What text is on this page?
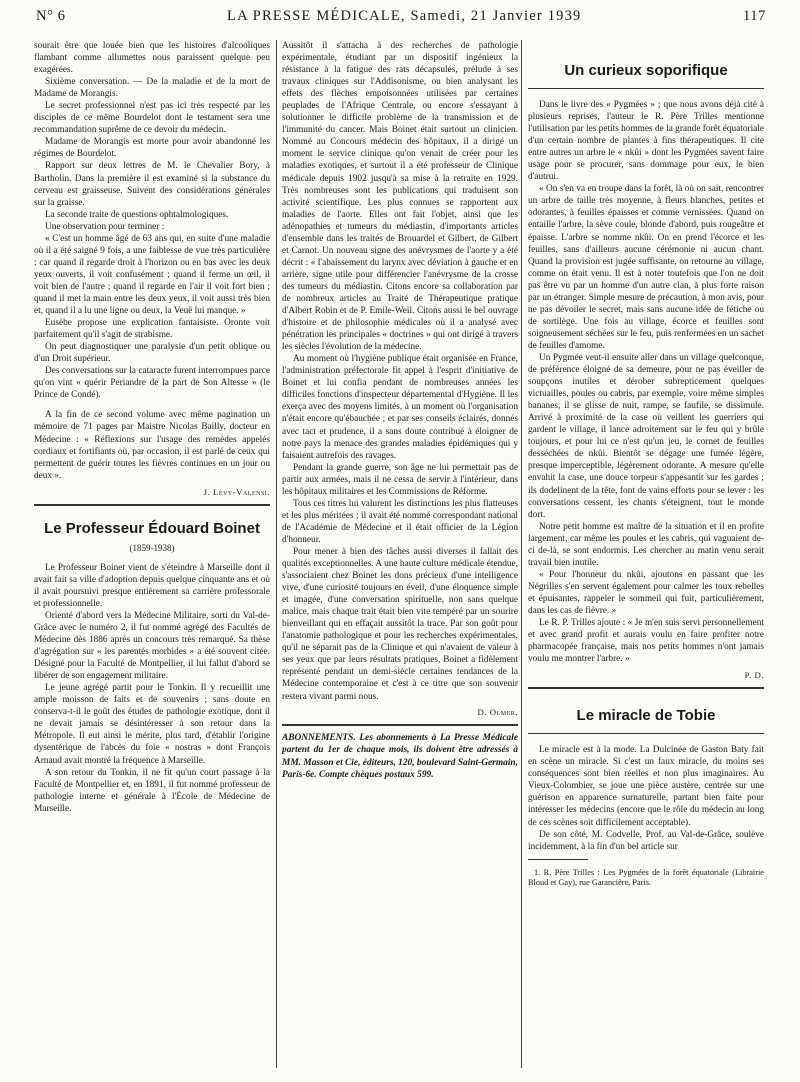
N° 6	LA PRESSE MÉDICALE, Samedi, 21 Janvier 1939	117

sourait être que louée bien que les histoires d'alcooliques flambant comme allumettes nous paraissent quelque peu exagérées.

Sixième conversation. — De la maladie et de la mort de Madame de Morangis.

Le secret professionnel n'est pas ici très respecté par les disciples de ce même Bourdelot dont le testament sera une recommandation suprême de ce devoir du médecin.

Madame de Morangis est morte pour avoir abandonné les régimes de Bourdelot.

Rapport sur deux lettres de M. le Chevalier Bory, à Bartholin. Dans la première il est examiné si la substance du cerveau est graisseuse. Suivent des considérations générales sur la graisse.

La seconde traite de questions ophtalmologiques.

Une observation pour terminer :

« C'est un homme âgé de 63 ans qui, en suite d'une maladie où il a été saigné 9 fois, a une faiblesse de vue très particulière : car quand il regarde droit à l'horizon ou en bas avec les deux yeux ouverts, il voit confusément ; quand il ferme un œil, il voit bien de l'autre ; quand il regarde en l'air il voit fort bien ; quand il met la main entre les deux yeux, il voit aussi très bien et, quand il a lu une ligne ou deux, la Veuë lui manque. »

Eusèbe propose une explication fantaisiste. Oronte voit parfaitement qu'il s'agit de strabisme.

On peut diagnostiquer une paralysie d'un petit oblique ou d'un Droit supérieur.

Des conversations sur la cataracte furent interrompues parce qu'on vint « quérir Periandre de la part de Son Altesse » (le Prince de Condé).

A la fin de ce second volume avec même pagination un mémoire de 71 pages par Maistre Nicolas Bailly, docteur en Médecine : « Réflexions sur l'usage des remèdes appelés cordiaux et fortifiants où, par occasion, il est parlé de ceux qui permettent de guérir toutes les fièvres continues en un jour ou deux ».

J. Lévy-Valensi.
Le Professeur Édouard Boinet
(1859-1938)

Le Professeur Boinet vient de s'éteindre à Marseille dont il avait fait sa ville d'adoption depuis quelque cinquante ans et où il avait poursuivi presque entièrement sa carrière professorale et professionnelle.

Orienté d'abord vers la Médecine Militaire, sorti du Val-de-Grâce avec le numéro 2, il fut nommé agrégé des Facultés de Médecine dès 1886 après un concours très remarqué. Sa thèse d'agrégation sur « les parentés morbides » a été souvent citée. Désigné pour la Faculté de Montpellier, il lui fallut d'abord se libérer de son engagement militaire.

Le jeune agrégé partit pour le Tonkin. Il y recueillit une ample moisson de faits et de souvenirs ; sans doute en conserva-t-il le goût des études de pathologie exotique, dont il ne devait jamais se désintéresser à son retour dans la Métropole. Il eut ainsi le mérite, plus tard, d'établir l'origine dysentérique de l'abcès du foie « nostras » dont François Arnaud avait montré la fréquence à Marseille.

A son retour du Tonkin, il ne fit qu'un court passage à la Faculté de Montpellier et, en 1891, il fut nommé professeur de pathologie interne et générale à l'École de Médecine de Marseille.

Aussitôt il s'attacha à des recherches de pathologie expérimentale, étudiant par un dispositif ingénieux la résistance à la fatigue des rats décapsulés, prélude à ses travaux cliniques sur l'Addisonisme, ou bien analysant les effets des flèches empoisonnées utilisées par certaines peuplades de l'Afrique Centrale, ou encore s'essayant à solutionner le difficile problème de la transmission et de l'immunité du cancer. Mais Boinet était surtout un clinicien. Nommé au Concours médecin des hôpitaux, il a dirigé un moment le service clinique qu'on venait de créer pour les maladies exotiques, et surtout il a été professeur de Clinique médicale depuis 1902 jusqu'à sa mise à la retraite en 1929. Très nombreuses sont les publications qui traduisent son activité scientifique. Les plus connues se rapportent aux maladies de l'aorte. Elles ont fait l'objet, ainsi que les adénopathies et tumeurs du médiastin, d'importants articles d'ensemble dans les traités de Brouardel et Gilbert, de Gilbert et Carnot. Un nouveau signe des anévrysmes de l'aorte y a été décrit : « l'abaissement du larynx avec déviation à gauche et en arrière, signe utile pour différencier l'anévrysme de la crosse des tumeurs du médiastin. Citons encore sa collaboration par de nombreux articles au Traité de Thérapeutique pratique d'Albert Robin et de P. Emile-Weil. Citons aussi le bel ouvrage d'histoire et de philosophie médicales où il a analysé avec pénétration les principales « doctrines » qui ont dirigé à travers les siècles l'évolution de la médecine.

Au moment où l'hygiène publique était organisée en France, l'administration préfectorale fit appel à l'esprit d'initiative de Boinet et lui confia pendant de nombreuses années les difficiles fonctions d'inspecteur départemental d'Hygiène. Il les exerça avec des moyens limités, à un moment où l'organisation n'était encore qu'ébauchée ; et par ses conseils éclairés, donnés avec tact et prudence, il a sans doute contribué à éloigner de notre pays la menace des grandes maladies épidémiques qui y faisaient autrefois des ravages.

Pendant la grande guerre, son âge ne lui permettait pas de partir aux armées, mais il ne cessa de servir à l'intérieur, dans les hôpitaux militaires et les Commissions de Réforme.

Tous ces titres lui valurent les distinctions les plus flatteuses et les plus méritées ; il avait été nommé correspondant national de l'Académie de Médecine et il était officier de la Légion d'honneur.

Pour mener à bien des tâches aussi diverses il fallait des qualités exceptionnelles. A une haute culture médicale étendue, s'associaient chez Boinet les dons précieux d'une intelligence vive, d'une curiosité toujours en éveil, d'une éloquence simple et imagée, d'une conversation spirituelle, non sans quelque malice, mais chaque trait était bien vite tempéré par un sourire bienveillant qui en effaçait aussitôt la trace. Par son goût pour l'anatomie pathologique et pour les recherches expérimentales, qu'il ne séparait pas de la Clinique et qui n'avaient de valeur à ses yeux que par leurs résultats pratiques, Boinet a fidèlement représenté pendant un demi-siècle certaines tendances de la Médecine contemporaine et c'est à ce titre que son souvenir restera vivant parmi nous.

D. Olmer.

ABONNEMENTS. Les abonnements à La Presse Médicale partent du 1er de chaque mois, ils doivent être adressés à MM. Masson et Cie, éditeurs, 120, boulevard Saint-Germain, Paris-6e. Compte chèques postaux 599.

Un curieux soporifique

Dans le livre des « Pygmées » ; que nous avons déjà cité à plusieurs reprises, l'auteur le R. Père Trilles mentionne l'utilisation par les petits hommes de la grande forêt équatoriale d'un certain nombre de plantes à fins thérapeutiques. Il cite entre autres un arbre le « nkûi » dont les Pygmées savent faire usage pour se procurer, sans dommage pour eux, le bien d'autrui.

« On s'en va en troupe dans la forêt, là où on sait, rencontrer un arbre de taille très moyenne, à fleurs blanches, petites et odorantes, à feuilles épaisses et comme vernissées. Quand on entaille l'arbre, la sève coule, blonde d'abord, puis rougeâtre et épaisse. L'arbre se nomme nkûi. On en prend l'écorce et les feuilles, sans d'ailleurs aucune cérémonie ni aucun chant. Quand la provision est jugée suffisante, on retourne au village, comme on était venu. Il est à noter toutefois que l'on ne doit pas être vu par un homme d'un autre clan, à plus forte raison par un étranger. Simple mesure de précaution, à mon avis, pour ne pas dévoiler le secret, mais sans aucune idée de fétiche ou de sortilège. Une fois au village, écorce et feuilles sont soigneusement séchées sur le feu, puis renfermées en un sachet de feuilles d'amome.

Un Pygmée veut-il ensuite aller dans un village quelconque, de préférence éloigné de sa demeure, pour ne pas éveiller de soupçons inutiles et dérober subrepticement quelques victuailles, poules ou cabris, par exemple, voire même simples bananes, il se glisse de nuit, rampe, se faufile, se dissimule. Arrivé à proximité de la case où veillent les guerriers qui gardent le village, il lance adroitement sur le feu qui y brûle toujours, et pour lui ce n'est qu'un jeu, le cornet de feuilles desséchées de nkûi. Bientôt se dégage une fumée légère, presque imperceptible, légèrement odorante. A mesure qu'elle envahit la case, une douce torpeur s'appesantit sur les gardes ; ils dodelinent de la tête, font de vains efforts pour se lever : les conversations cessent, les chants s'éteignent, tout le monde dort.

Notre petit homme est maître de la situation et il en profite largement, car même les poules et les cabris, qui vaguaient de-ci de-là, se sont endormis. Les chercher au matin venu serait travail bien inutile.

« Pour l'honneur du nkûi, ajoutons en passant que les Négrilles s'en servent également pour calmer les toux rebelles et épuisantes, rappeler le sommeil qui fuit, particulièrement, dans les cas de fièvre. »

Le R. P. Trilles ajoute : « Je m'en suis servi personnellement et avec grand profit et aurais voulu en faire profiter notre pharmacopée française, mais nos petits hommes n'ont jamais voulu me montrer l'arbre. »

P. D.
Le miracle de Tobie

Le miracle est à la mode. La Dulcinée de Gaston Baty fait en scène un miracle. Si c'est un faux miracle, du moins ses conséquences sont bien réelles et non plus imaginaires. Au Vieux-Colombier, se joue une pièce austère, centrée sur une guérison en apparence surnaturelle, partant bien faite pour intéresser les médecins (encore que le rôle du médecin au long de ces scènes soit difficilement acceptable).

De son côté, M. Codvelle, Prof. au Val-de-Grâce, soulève incidemment, à la fin d'un bel article sur

1. R. Père Trilles : Les Pygmées de la forêt équatoriale (Librairie Bloud et Gay), rue Garancière, Paris.
